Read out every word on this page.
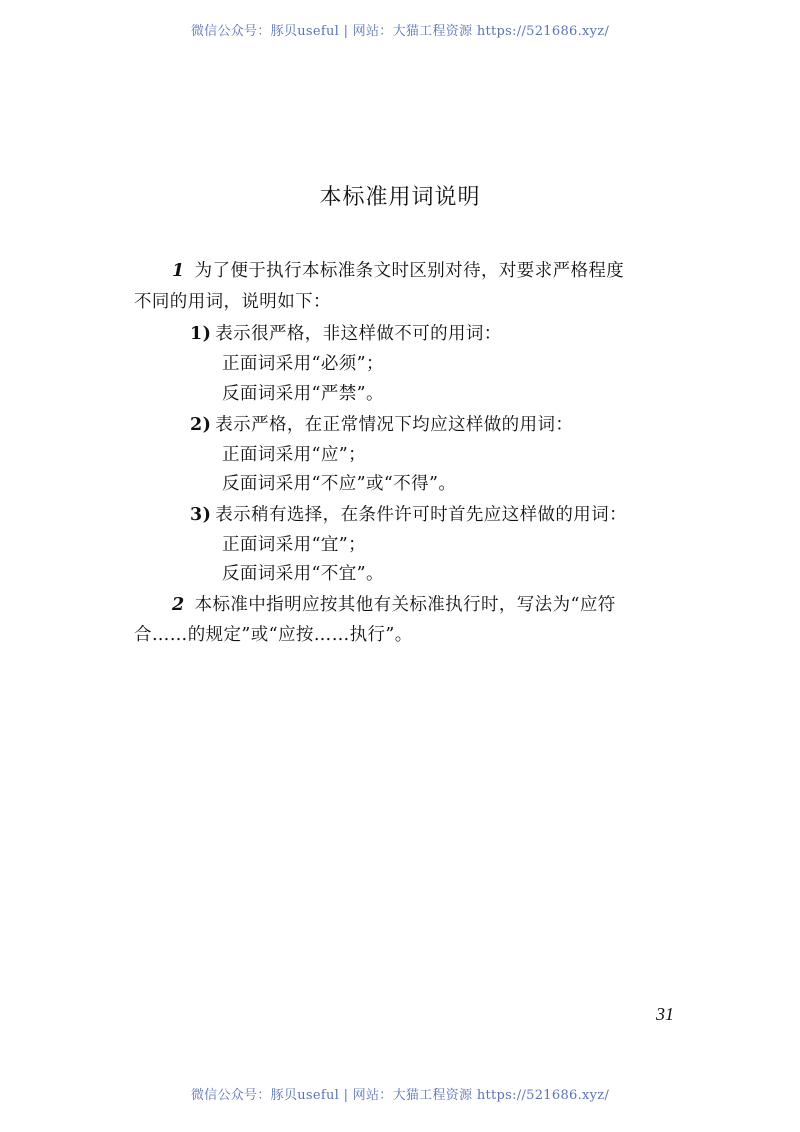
微信公众号：豚贝useful | 网站：大猫工程资源 https://521686.xyz/
本标准用词说明
1 为了便于执行本标准条文时区别对待，对要求严格程度
不同的用词，说明如下：
1) 表示很严格，非这样做不可的用词：
正面词采用“必须”；
反面词采用“严禁”。
2) 表示严格，在正常情况下均应这样做的用词：
正面词采用“应”；
反面词采用“不应”或“不得”。
3) 表示稍有选择，在条件许可时首先应这样做的用词：
正面词采用“宜”；
反面词采用“不宜”。
2 本标准中指明应按其他有关标准执行时，写法为“应符
合……的规定”或“应按……执行”。
31
微信公众号：豚贝useful | 网站：大猫工程资源 https://521686.xyz/
